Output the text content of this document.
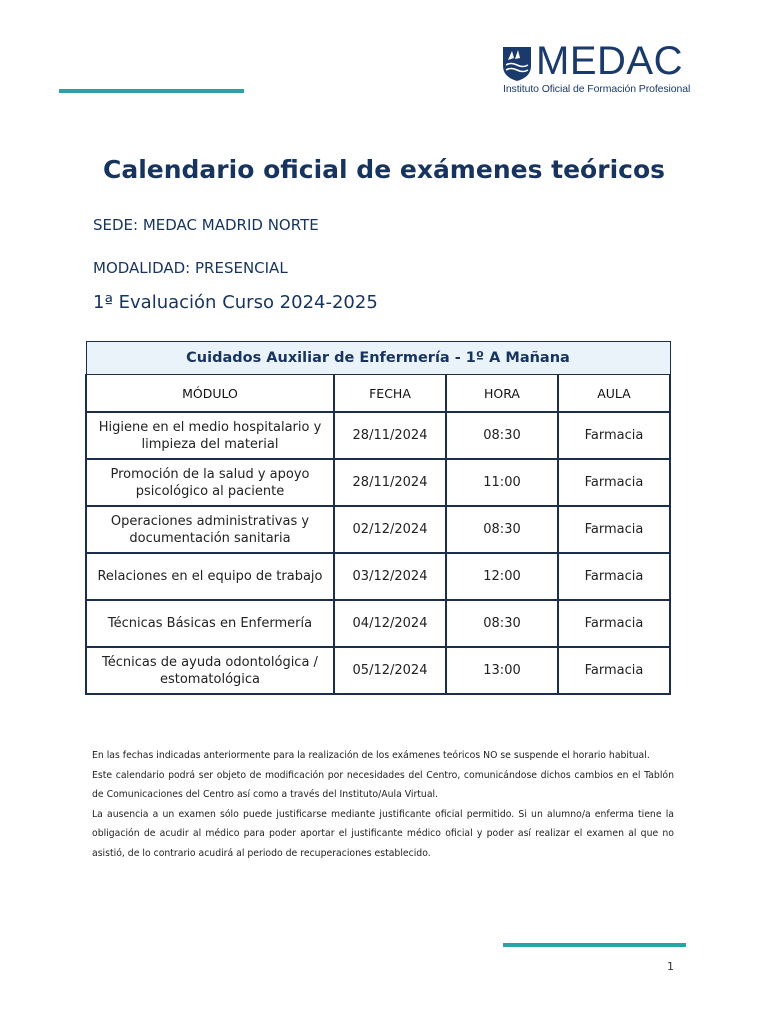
MEDAC
Instituto Oficial de Formación Profesional
Calendario oficial de exámenes teóricos
SEDE: MEDAC MADRID NORTE
MODALIDAD: PRESENCIAL
1ª Evaluación Curso 2024-2025
Cuidados Auxiliar de Enfermería - 1º A Mañana			
MÓDULO	FECHA	HORA	AULA
Higiene en el medio hospitalario y limpieza del material	28/11/2024	08:30	Farmacia
Promoción de la salud y apoyo psicológico al paciente	28/11/2024	11:00	Farmacia
Operaciones administrativas y documentación sanitaria	02/12/2024	08:30	Farmacia
Relaciones en el equipo de trabajo	03/12/2024	12:00	Farmacia
Técnicas Básicas en Enfermería	04/12/2024	08:30	Farmacia
Técnicas de ayuda odontológica / estomatológica	05/12/2024	13:00	Farmacia

En las fechas indicadas anteriormente para la realización de los exámenes teóricos NO se suspende el horario habitual.

Este calendario podrá ser objeto de modificación por necesidades del Centro, comunicándose dichos cambios en el Tablón de Comunicaciones del Centro así como a través del Instituto/Aula Virtual.

La ausencia a un examen sólo puede justificarse mediante justificante oficial permitido. Si un alumno/a enferma tiene la obligación de acudir al médico para poder aportar el justificante médico oficial y poder así realizar el examen al que no asistió, de lo contrario acudirá al periodo de recuperaciones establecido.

1
